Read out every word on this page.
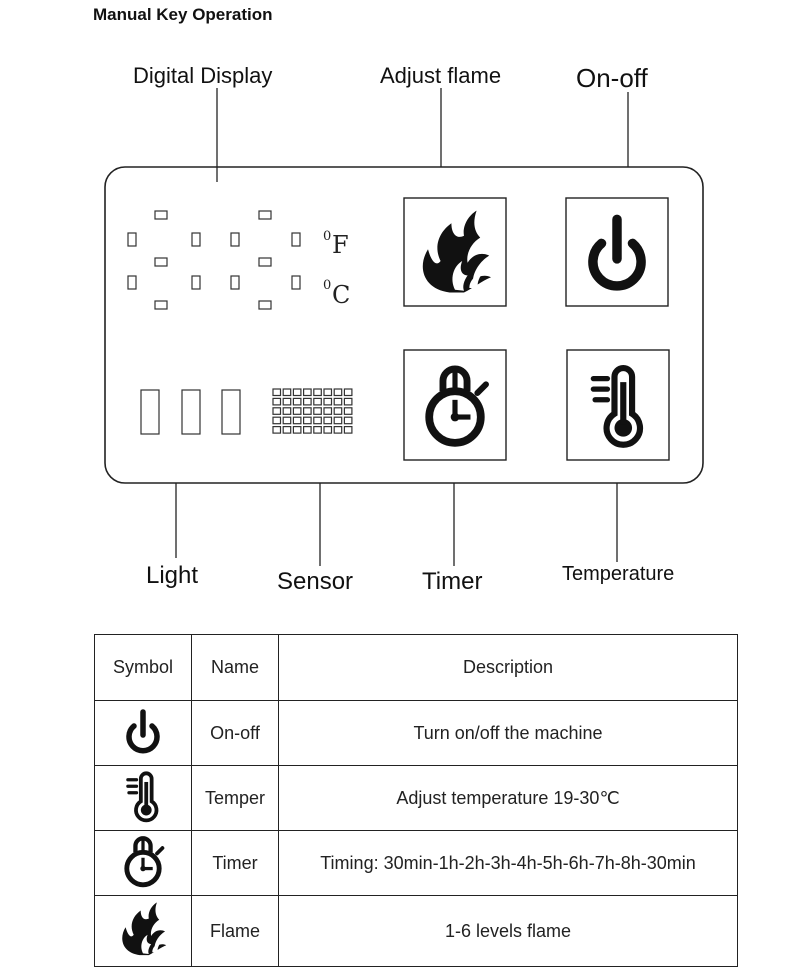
Manual Key Operation
Digital Display	Adjust flame	On-off
Light	Sensor	Timer	Temperature
0 F
0 C
Symbol	Name	Description
	On-off	Turn on/off the machine
	Temper	Adjust temperature 19-30℃
	Timer	Timing: 30min-1h-2h-3h-4h-5h-6h-7h-8h-30min
	Flame	1-6 levels flame
